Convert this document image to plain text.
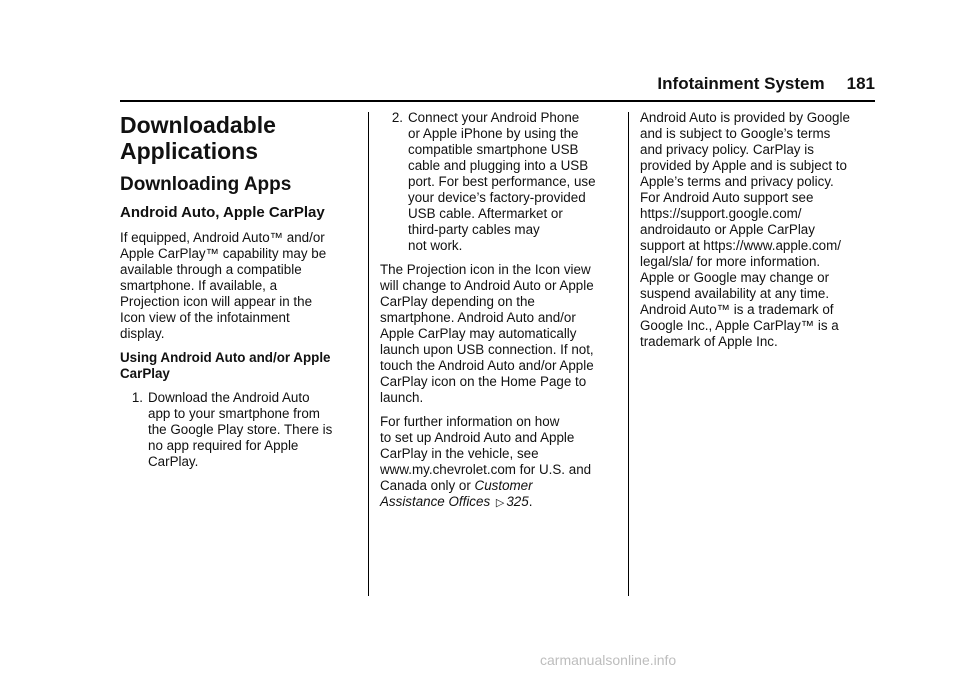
Infotainment System 181
Downloadable
Applications
Downloading Apps
Android Auto, Apple CarPlay

If equipped, Android Auto™ and/or
Apple CarPlay™ capability may be
available through a compatible
smartphone. If available, a
Projection icon will appear in the
Icon view of the infotainment
display.

Using Android Auto and/or Apple
CarPlay

1. Download the Android Auto
app to your smartphone from
the Google Play store. There is
no app required for Apple
CarPlay.
2. Connect your Android Phone
or Apple iPhone by using the
compatible smartphone USB
cable and plugging into a USB
port. For best performance, use
your device’s factory-provided
USB cable. Aftermarket or
third-party cables may
not work.

The Projection icon in the Icon view
will change to Android Auto or Apple
CarPlay depending on the
smartphone. Android Auto and/or
Apple CarPlay may automatically
launch upon USB connection. If not,
touch the Android Auto and/or Apple
CarPlay icon on the Home Page to
launch.

For further information on how
to set up Android Auto and Apple
CarPlay in the vehicle, see
www.my.chevrolet.com for U.S. and
Canada only or Customer
Assistance Offices ▷ 325.

Android Auto is provided by Google
and is subject to Google’s terms
and privacy policy. CarPlay is
provided by Apple and is subject to
Apple’s terms and privacy policy.
For Android Auto support see
https://support.google.com/
androidauto or Apple CarPlay
support at https://www.apple.com/
legal/sla/ for more information.
Apple or Google may change or
suspend availability at any time.
Android Auto™ is a trademark of
Google Inc., Apple CarPlay™ is a
trademark of Apple Inc.

carmanualsonline.info
